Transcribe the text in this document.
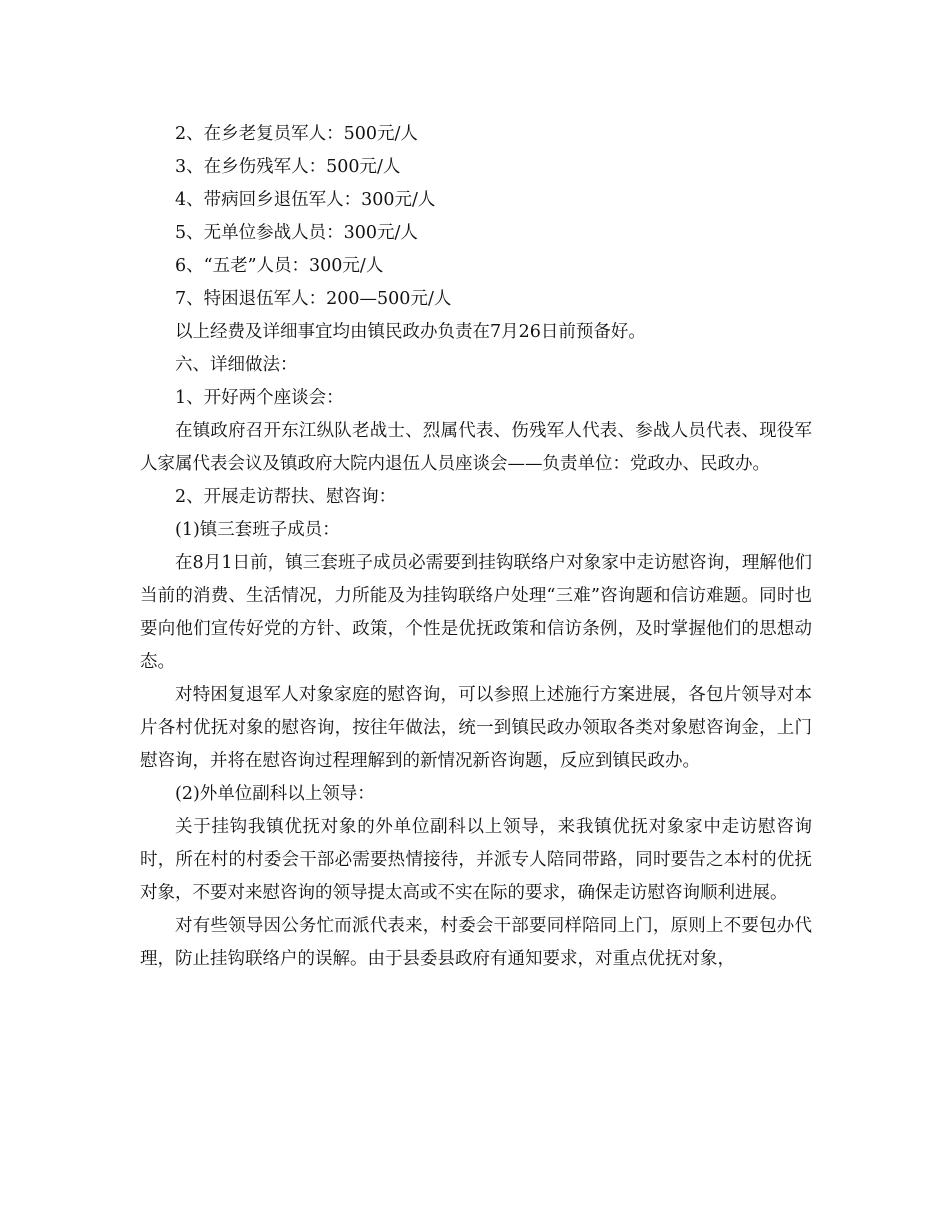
2、在乡老复员军人：500元/人

3、在乡伤残军人：500元/人

4、带病回乡退伍军人：300元/人

5、无单位参战人员：300元/人

6、“五老”人员：300元/人

7、特困退伍军人：200—500元/人

以上经费及详细事宜均由镇民政办负责在7月26日前预备好。

六、详细做法：

1、开好两个座谈会：

在镇政府召开东江纵队老战士、烈属代表、伤残军人代表、参战人员代表、现役军人家属代表会议及镇政府大院内退伍人员座谈会——负责单位：党政办、民政办。

2、开展走访帮扶、慰咨询：

(1)镇三套班子成员：

在8月1日前，镇三套班子成员必需要到挂钩联络户对象家中走访慰咨询，理解他们当前的消费、生活情况，力所能及为挂钩联络户处理“三难”咨询题和信访难题。同时也要向他们宣传好党的方针、政策，个性是优抚政策和信访条例，及时掌握他们的思想动态。

对特困复退军人对象家庭的慰咨询，可以参照上述施行方案进展，各包片领导对本片各村优抚对象的慰咨询，按往年做法，统一到镇民政办领取各类对象慰咨询金，上门慰咨询，并将在慰咨询过程理解到的新情况新咨询题，反应到镇民政办。

(2)外单位副科以上领导：

关于挂钩我镇优抚对象的外单位副科以上领导，来我镇优抚对象家中走访慰咨询时，所在村的村委会干部必需要热情接待，并派专人陪同带路，同时要告之本村的优抚对象，不要对来慰咨询的领导提太高或不实在际的要求，确保走访慰咨询顺利进展。

对有些领导因公务忙而派代表来，村委会干部要同样陪同上门，原则上不要包办代理，防止挂钩联络户的误解。由于县委县政府有通知要求，对重点优抚对象，
